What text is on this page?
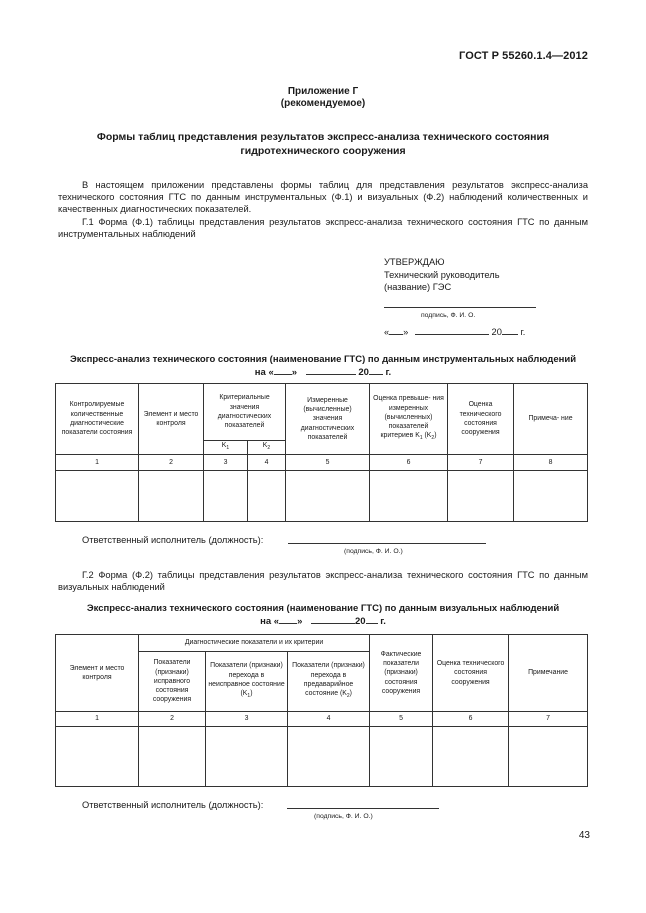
ГОСТ Р 55260.1.4—2012
Приложение Г
(рекомендуемое)
Формы таблиц представления результатов экспресс-анализа технического состояния
гидротехнического сооружения
В настоящем приложении представлены формы таблиц для представления результатов экспресс-анализа технического состояния ГТС по данным инструментальных (Ф.1) и визуальных (Ф.2) наблюдений количественных и качественных диагностических показателей.
Г.1 Форма (Ф.1) таблицы представления результатов экспресс-анализа технического состояния ГТС по данным инструментальных наблюдений
УТВЕРЖДАЮ
Технический руководитель
(название) ГЭС
подпись, Ф. И. О.
« »	20 г.
Экспресс-анализ технического состояния (наименование ГТС) по данным инструментальных наблюдений
на « »	20 г.
Контролируемые количественные диагностические показатели состояния	Элемент и место контроля	Критериальные значения диагностических показателей		Измеренные (вычисленные) значения диагностических показателей	Оценка превыше- ния измеренных (вычисленных) показателей критериев $K_1$ $(K_2)$	Оценка технического состояния сооружения	Примеча- ние
		$K_1$	$K_2$
1	2	3	4	5	6	7	8

Ответственный исполнитель (должность):
(подпись, Ф. И. О.)
Г.2 Форма (Ф.2) таблицы представления результатов экспресс-анализа технического состояния ГТС по данным визуальных наблюдений
Экспресс-анализ технического состояния (наименование ГТС) по данным визуальных наблюдений
на « »	20 г.
Элемент и место контроля	Диагностические показатели и их критерии			Фактические показатели (признаки) состояния сооружения	Оценка технического состояния сооружения	Примечание
	Показатели (признаки) исправного состояния сооружения	Показатели (признаки) перехода в неисправное состояние $(K_1)$	Показатели (признаки) перехода в предаварийное состояние $(K_2)$			
1	2	3	4	5	6	7

Ответственный исполнитель (должность):
(подпись, Ф. И. О.)
43
